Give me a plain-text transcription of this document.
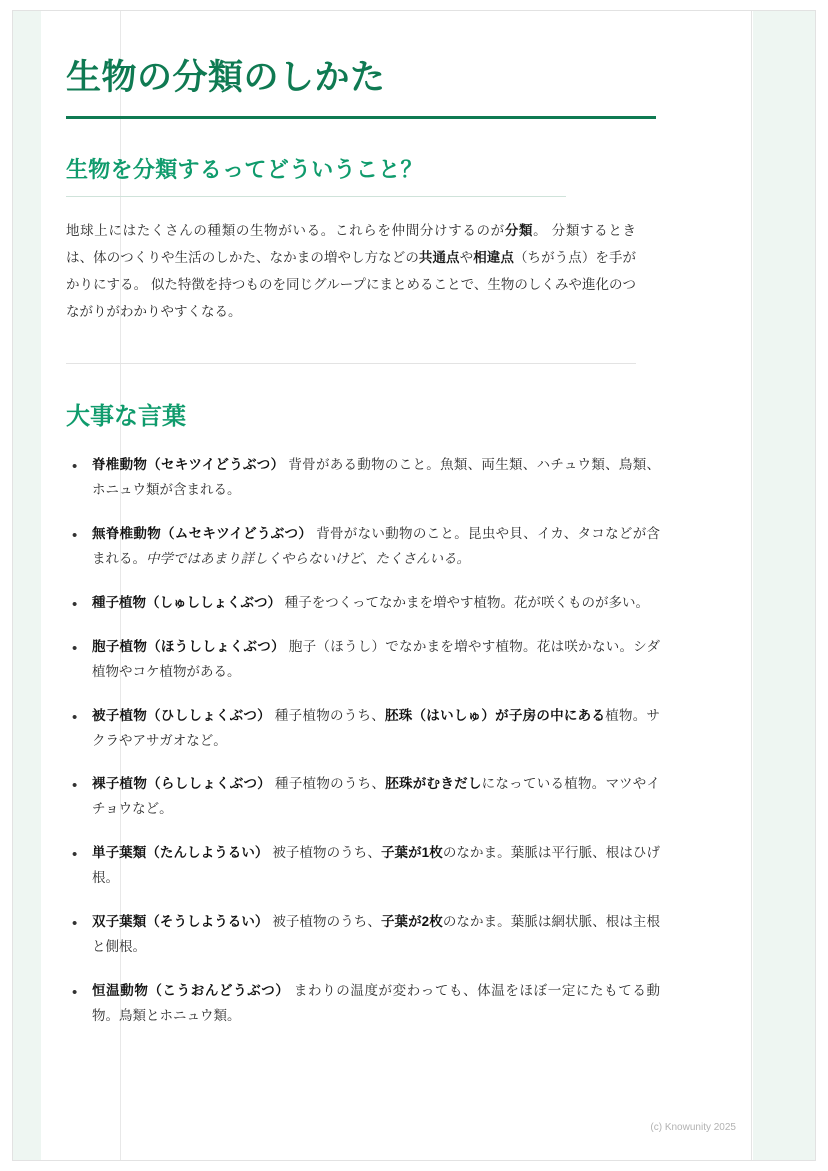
生物の分類のしかた
生物を分類するってどういうこと？

地球上にはたくさんの種類の生物がいる。これらを仲間分けするのが分類。 分類するときは、体のつくりや生活のしかた、なかまの増やし方などの共通点や相違点（ちがう点）を手がかりにする。 似た特徴を持つものを同じグループにまとめることで、生物のしくみや進化のつながりがわかりやすくなる。

大事な言葉
• 脊椎動物（セキツイどうぶつ） 背骨がある動物のこと。魚類、両生類、ハチュウ類、鳥類、ホニュウ類が含まれる。
• 無脊椎動物（ムセキツイどうぶつ） 背骨がない動物のこと。昆虫や貝、イカ、タコなどが含まれる。中学ではあまり詳しくやらないけど、たくさんいる。
• 種子植物（しゅししょくぶつ） 種子をつくってなかまを増やす植物。花が咲くものが多い。
• 胞子植物（ほうししょくぶつ） 胞子（ほうし）でなかまを増やす植物。花は咲かない。シダ植物やコケ植物がある。
• 被子植物（ひししょくぶつ） 種子植物のうち、胚珠（はいしゅ）が子房の中にある植物。サクラやアサガオなど。
• 裸子植物（らししょくぶつ） 種子植物のうち、胚珠がむきだしになっている植物。マツやイチョウなど。
• 単子葉類（たんしようるい） 被子植物のうち、子葉が1枚のなかま。葉脈は平行脈、根はひげ根。
• 双子葉類（そうしようるい） 被子植物のうち、子葉が2枚のなかま。葉脈は網状脈、根は主根と側根。
• 恒温動物（こうおんどうぶつ） まわりの温度が変わっても、体温をほぼ一定にたもてる動物。鳥類とホニュウ類。
(c) Knowunity 2025
